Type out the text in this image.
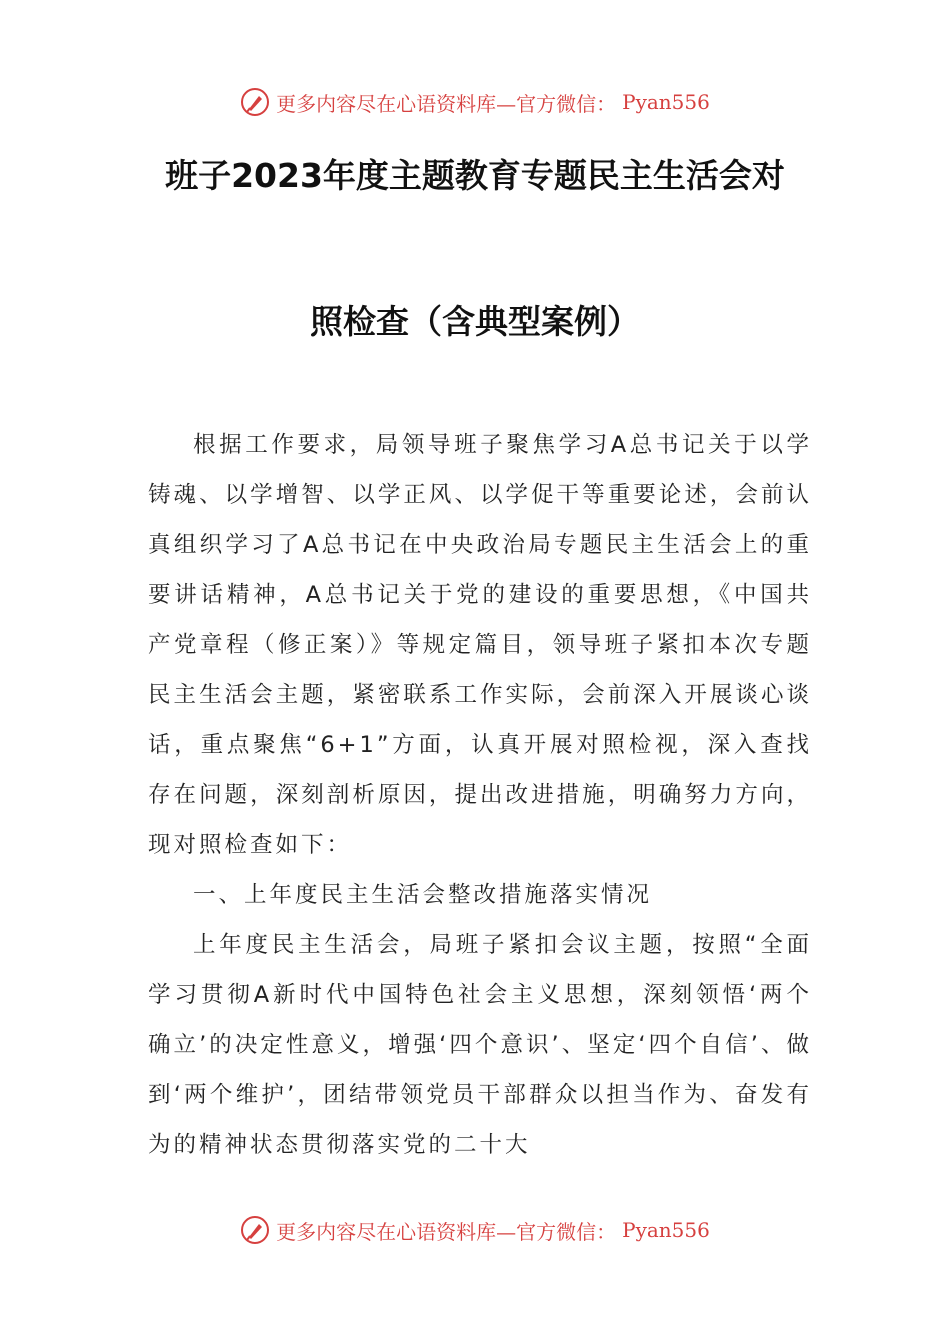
更多内容尽在心语资料库—官方微信： Pyan556
班子2023年度主题教育专题民主生活会对
照检查（含典型案例）

根据工作要求，局领导班子聚焦学习A总书记关于以学铸魂、以学增智、以学正风、以学促干等重要论述，会前认真组织学习了A总书记在中央政治局专题民主生活会上的重要讲话精神，A总书记关于党的建设的重要思想，《中国共产党章程（修正案）》等规定篇目，领导班子紧扣本次专题民主生活会主题，紧密联系工作实际，会前深入开展谈心谈话，重点聚焦“6+1”方面，认真开展对照检视，深入查找存在问题，深刻剖析原因，提出改进措施，明确努力方向，现对照检查如下：

一、上年度民主生活会整改措施落实情况

上年度民主生活会，局班子紧扣会议主题，按照“全面学习贯彻A新时代中国特色社会主义思想，深刻领悟‘两个确立’的决定性意义，增强‘四个意识’、坚定‘四个自信’、做到‘两个维护’，团结带领党员干部群众以担当作为、奋发有为的精神状态贯彻落实党的二十大

更多内容尽在心语资料库—官方微信： Pyan556
